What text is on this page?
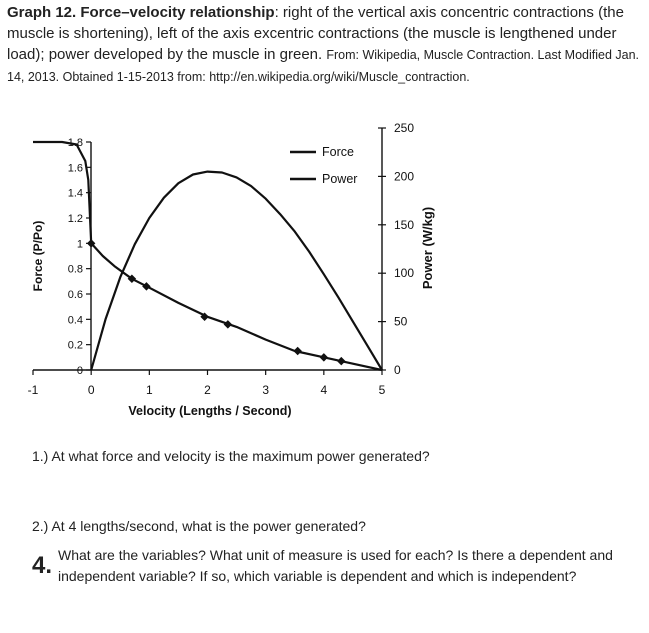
Graph 12. Force–velocity relationship: right of the vertical axis concentric contractions (the muscle is shortening), left of the axis excentric contractions (the muscle is lengthened under load); power developed by the muscle in green. From: Wikipedia, Muscle Contraction. Last Modified Jan. 14, 2013. Obtained 1-15-2013 from: http://en.wikipedia.org/wiki/Muscle_contraction.
-1	0	1	2	3	4	5
0
0.2
0.4
0.6
0.8
1
1.2
1.4
1.6
1.8
0
50
100
150
200
250
Velocity (Lengths / Second)
Force (P/Po)	Power (W/kg)
Force
Power
1.) At what force and velocity is the maximum power generated?
2.) At 4 lengths/second, what is the power generated?
4. What are the variables? What unit of measure is used for each? Is there a dependent and independent variable? If so, which variable is dependent and which is independent?
